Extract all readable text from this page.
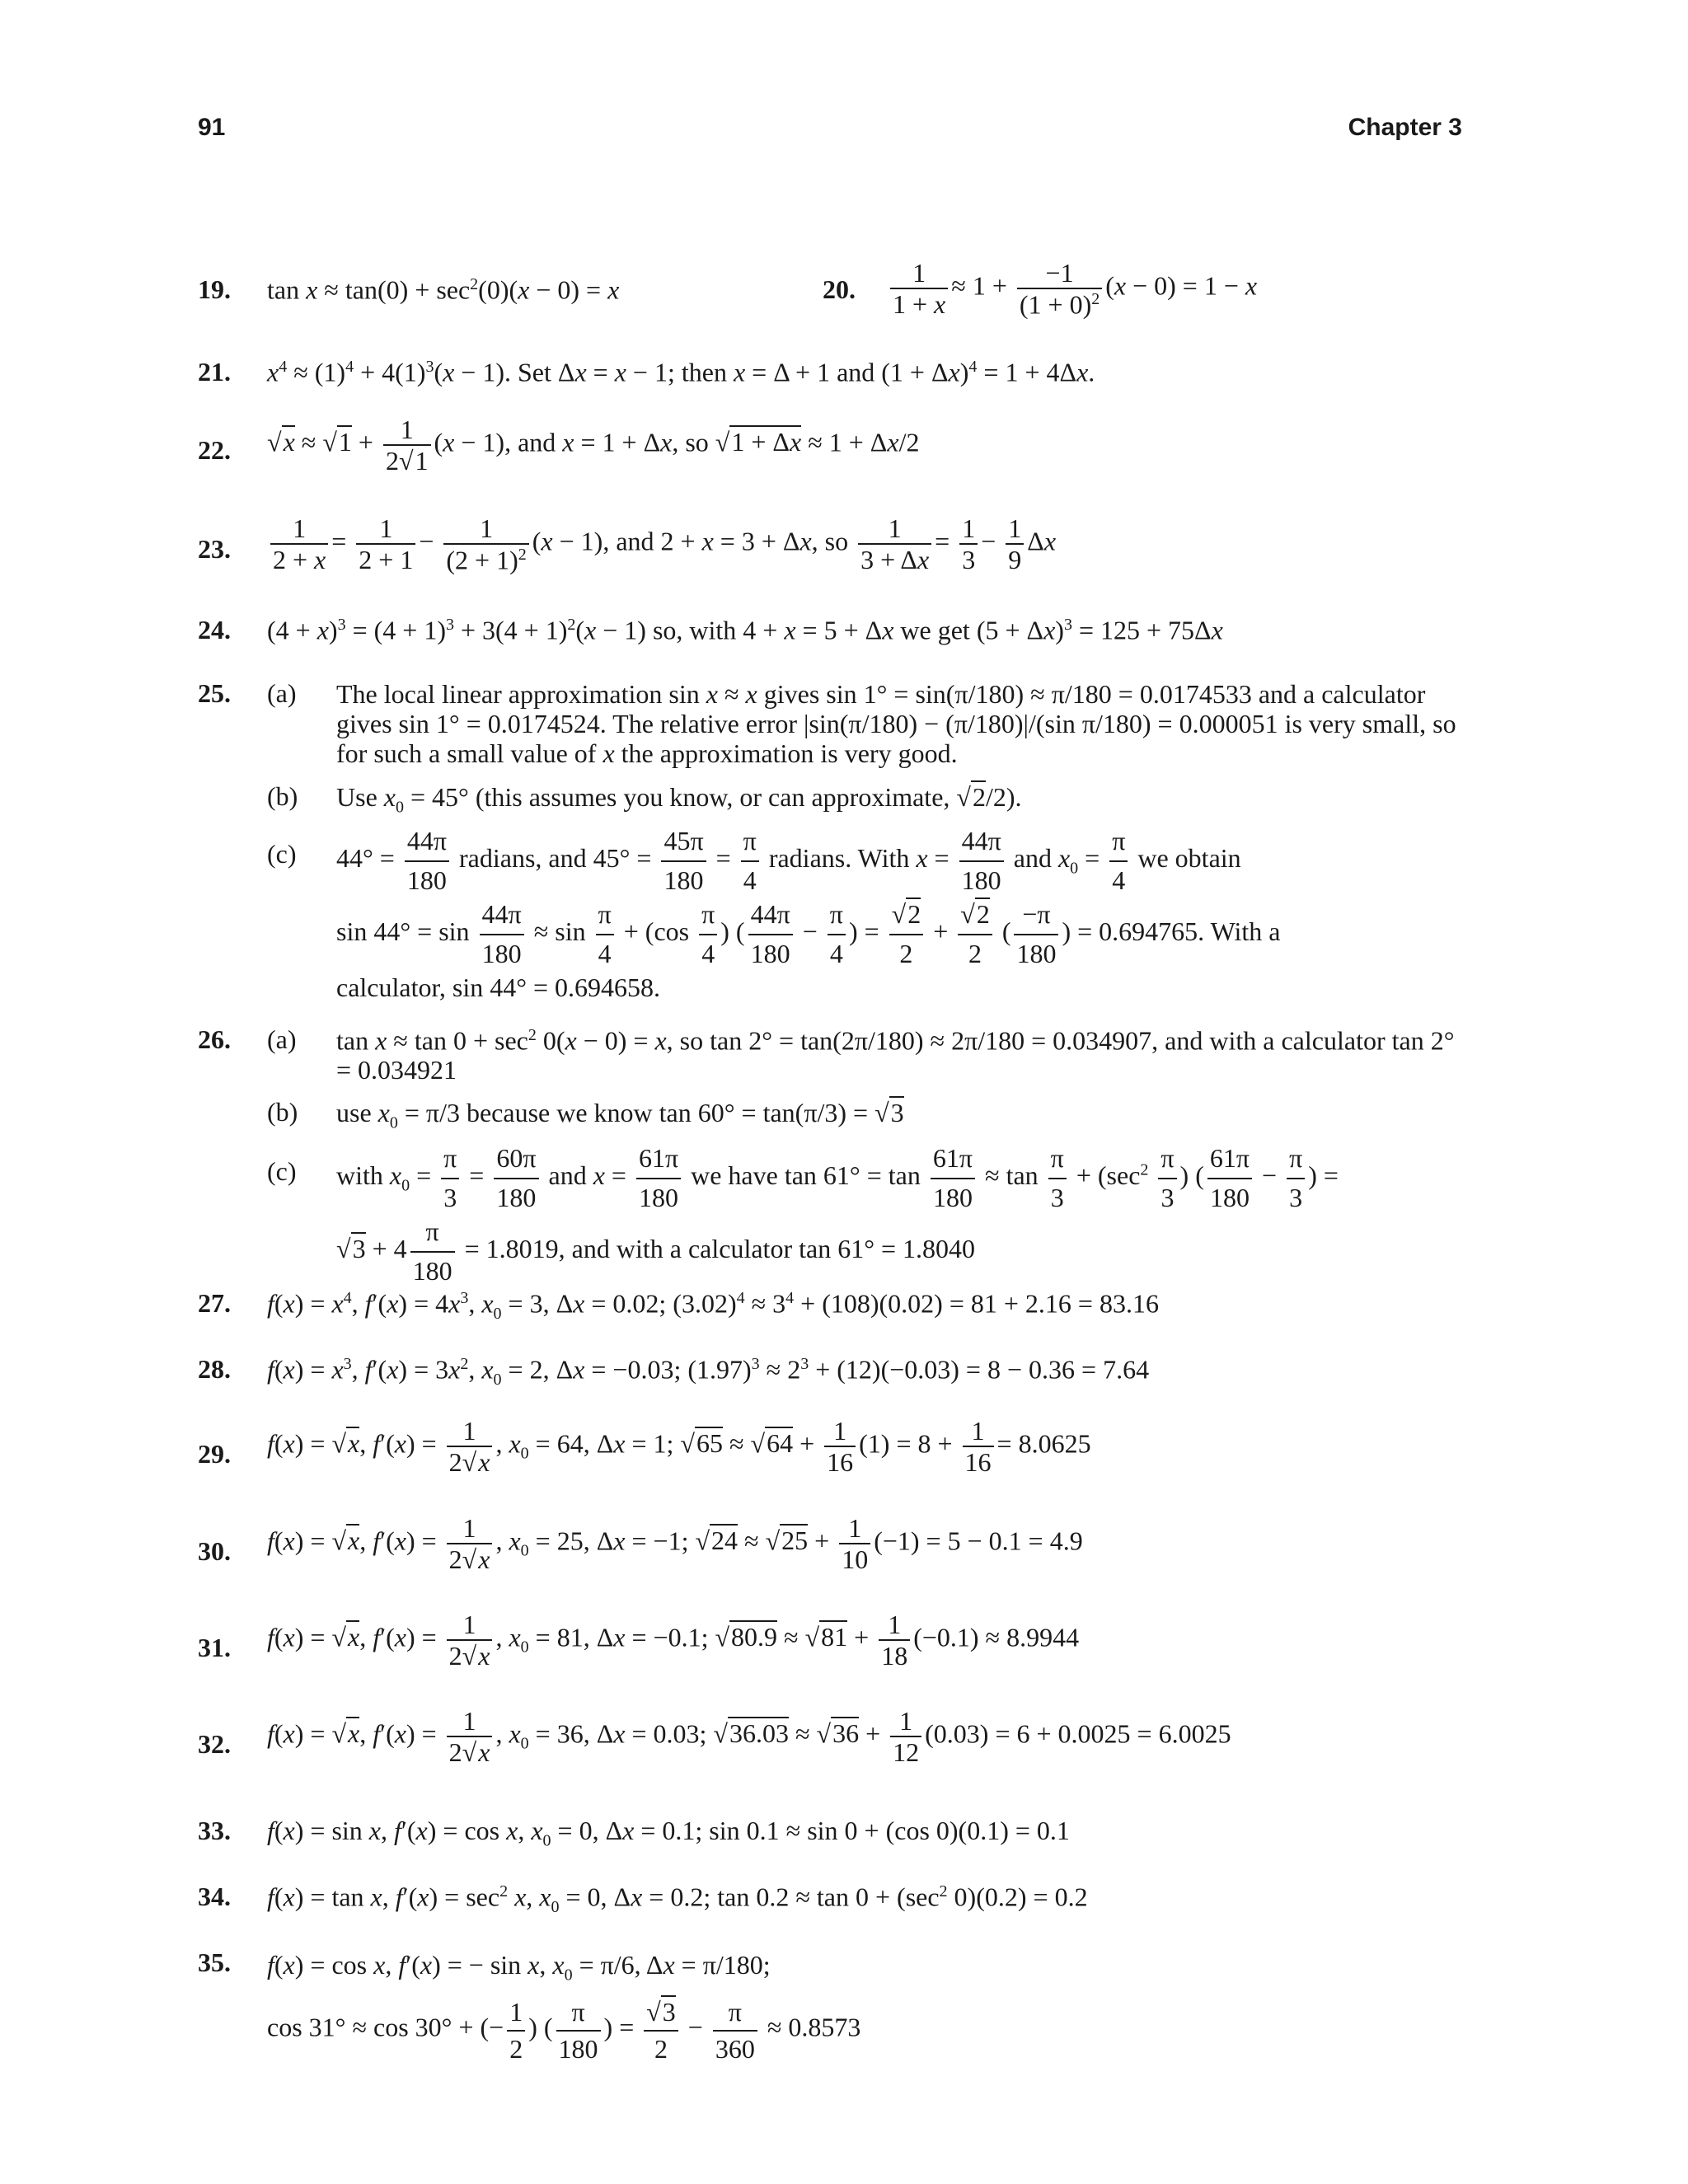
91	Chapter 3
19.	$\tan x \approx \tan(0) + \sec^2(0)(x - 0) = x$	20.	$\frac{1}{1 + x} \approx 1 + \frac{-1}{(1 + 0)^2} (x - 0) = 1 - x$
21.	$x^4 \approx (1)^4 + 4(1)^3(x - 1)$. Set Δx = x − 1; then x = Δ + 1 and $(1 + \Delta x)^4 = 1 + 4\Delta x$.
22.	$√x \approx √1 + \frac{1}{2√1} (x - 1)$, and x = 1 + Δx, so √1 + Δx ≈ 1 + Δx/2
23.	$\frac{1}{2 + x} = \frac{1}{2 + 1} - \frac{1}{(2 + 1)^2} (x - 1)$, and 2 + x = 3 + Δx, so $\frac{1}{3 + \Delta x} = \frac{1}{3} - \frac{1}{9}$ Δx
24.	$(4 + x)^3 = (4 + 1)^3 + 3(4 + 1)^2(x - 1)$ so, with 4 + x = 5 + Δx we get $(5 + \Delta x)^3 = 125 + 75\Delta x$
25.	(a)	The local linear approximation sin x ≈ x gives sin 1° = sin(π/180) ≈ π/180 = 0.0174533 and a calculator gives sin 1° = 0.0174524. The relative error |sin(π/180) − (π/180)|/(sin π/180) = 0.000051 is very small, so for such a small value of x the approximation is very good.
(b)	Use $x_0 = 45^\circ$ (this assumes you know, or can approximate, √2/2).
(c)	$44^\circ = \frac{44\pi}{180}$ radians, and $45^\circ = \frac{45\pi}{180} = \frac{\pi}{4}$ radians. With $x = \frac{44\pi}{180}$ and $x_0 = \frac{\pi}{4}$ we obtain
$\sin 44^\circ = \sin \frac{44\pi}{180} \approx \sin \frac{\pi}{4} + (\cos \frac{\pi}{4}$ ) ( $\frac{44\pi}{180} - \frac{\pi}{4}$ ) = $\frac{√2}{2} + \frac{√2}{2}$ ( $\frac{-\pi}{180}$ ) = 0.694765. With a
calculator, sin 44° = 0.694658.
26.	(a)	$\tan x \approx \tan 0 + \sec^2 0(x - 0) = x$, so tan 2° = tan(2π/180) ≈ 2π/180 = 0.034907, and with a calculator tan 2° = 0.034921
(b)	use $x_0 = \pi/3$ because we know tan 60° = tan(π/3) = √3
(c)	with $x_0 = \frac{\pi}{3} = \frac{60\pi}{180}$ and $x = \frac{61\pi}{180}$ we have $\tan 61^\circ = \tan \frac{61\pi}{180} \approx \tan \frac{\pi}{3} + (\sec^2 \frac{\pi}{3}$ ) ( $\frac{61\pi}{180} - \frac{\pi}{3}$ ) =
$√3 + 4 \frac{\pi}{180} = 1.8019$, and with a calculator tan 61° = 1.8040
27.	$f(x) = x^4$, $f'(x) = 4x^3$, $x_0 = 3$, Δx = 0.02; $(3.02)^4 \approx 3^4 + (108)(0.02) = 81 + 2.16 = 83.16$
28.	$f(x) = x^3$, $f'(x) = 3x^2$, $x_0 = 2$, Δx = −0.03; $(1.97)^3 \approx 2^3 + (12)(-0.03) = 8 - 0.36 = 7.64$
29.	f(x) = √x, $f'(x) = \frac{1}{2√x}$ , $x_0 = 64$, Δx = 1; $√65 \approx √64 + \frac{1}{16} (1) = 8 + \frac{1}{16} = 8.0625$
30.	f(x) = √x, $f'(x) = \frac{1}{2√x}$ , $x_0 = 25$, Δx = −1; $√24 \approx √25 + \frac{1}{10} (-1) = 5 - 0.1 = 4.9$
31.	f(x) = √x, $f'(x) = \frac{1}{2√x}$ , $x_0 = 81$, Δx = −0.1; $√80.9 \approx √81 + \frac{1}{18} (-0.1) \approx 8.9944$
32.	f(x) = √x, $f'(x) = \frac{1}{2√x}$ , $x_0 = 36$, Δx = 0.03; $√36.03 \approx √36 + \frac{1}{12} (0.03) = 6 + 0.0025 = 6.0025$
33.	f(x) = sin x, f′(x) = cos x, $x_0 = 0$, Δx = 0.1; sin 0.1 ≈ sin 0 + (cos 0)(0.1) = 0.1
34.	f(x) = tan x, $f'(x) = \sec^2 x$, $x_0 = 0$, Δx = 0.2; $\tan 0.2 \approx \tan 0 + (\sec^2$ 0)(0.2) = 0.2
35.	f(x) = cos x, f′(x) = − sin x, $x_0 = \pi/6$, Δx = π/180;
cos 31° ≈ cos 30° + (− $\frac{1}{2}$ ) ( $\frac{\pi}{180}$ ) = $\frac{√3}{2} - \frac{\pi}{360} \approx 0.8573$
